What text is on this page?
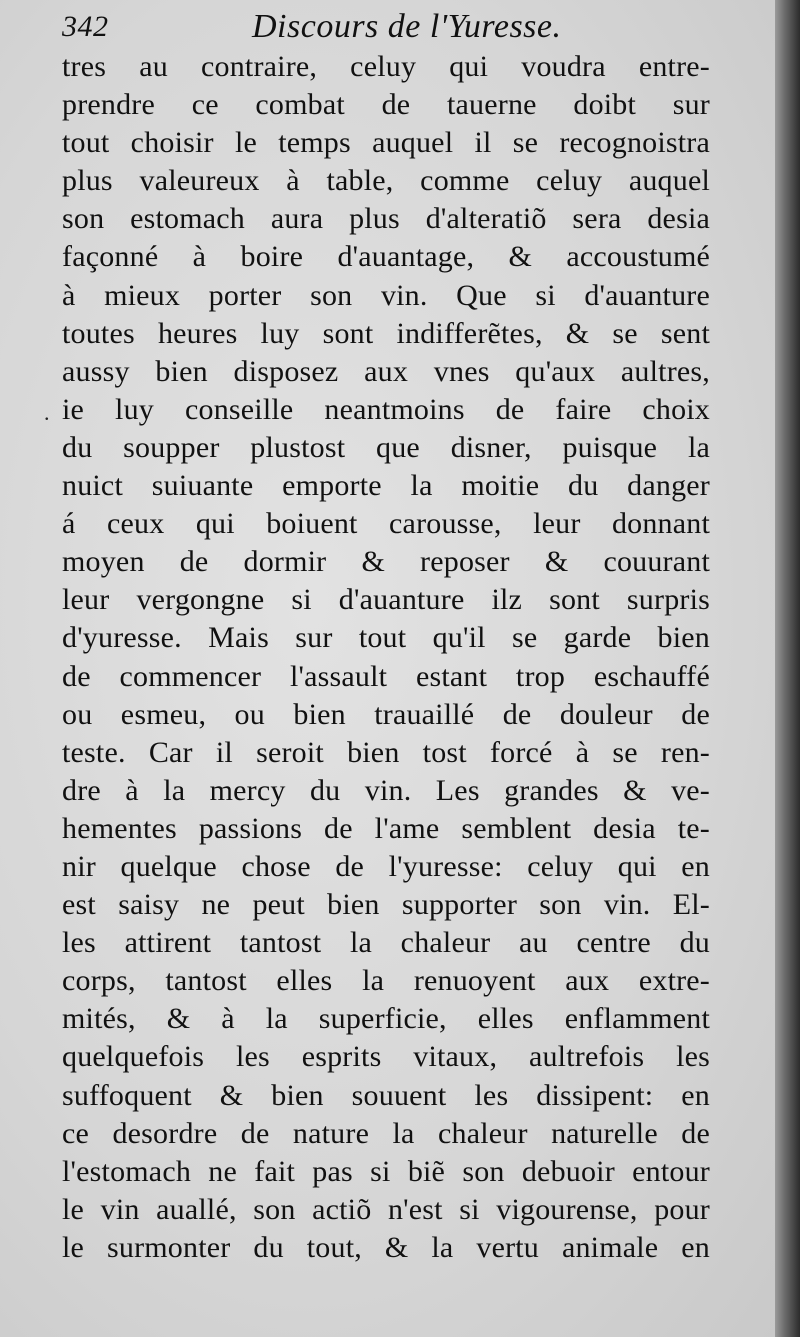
342	Discours de l'Yuresse.
.
tres au contraire, celuy qui voudra entre-
prendre ce combat de tauerne doibt sur
tout choisir le temps auquel il se recognoistra
plus valeureux à table, comme celuy auquel
son estomach aura plus d'alteratiõ sera desia
façonné à boire d'auantage, & accoustumé
à mieux porter son vin. Que si d'auanture
toutes heures luy sont indifferẽtes, & se sent
aussy bien disposez aux vnes qu'aux aultres,
ie luy conseille neantmoins de faire choix
du soupper plustost que disner, puisque la
nuict suiuante emporte la moitie du danger
á ceux qui boiuent carousse, leur donnant
moyen de dormir & reposer & couurant
leur vergongne si d'auanture ilz sont surpris
d'yuresse. Mais sur tout qu'il se garde bien
de commencer l'assault estant trop eschauffé
ou esmeu, ou bien trauaillé de douleur de
teste. Car il seroit bien tost forcé à se ren-
dre à la mercy du vin. Les grandes & ve-
hementes passions de l'ame semblent desia te-
nir quelque chose de l'yuresse: celuy qui en
est saisy ne peut bien supporter son vin. El-
les attirent tantost la chaleur au centre du
corps, tantost elles la renuoyent aux extre-
mités, & à la superficie, elles enflamment
quelquefois les esprits vitaux, aultrefois les
suffoquent & bien souuent les dissipent: en
ce desordre de nature la chaleur naturelle de
l'estomach ne fait pas si biẽ son debuoir entour
le vin auallé, son actiõ n'est si vigourense, pour
le surmonter du tout, & la vertu animale en
